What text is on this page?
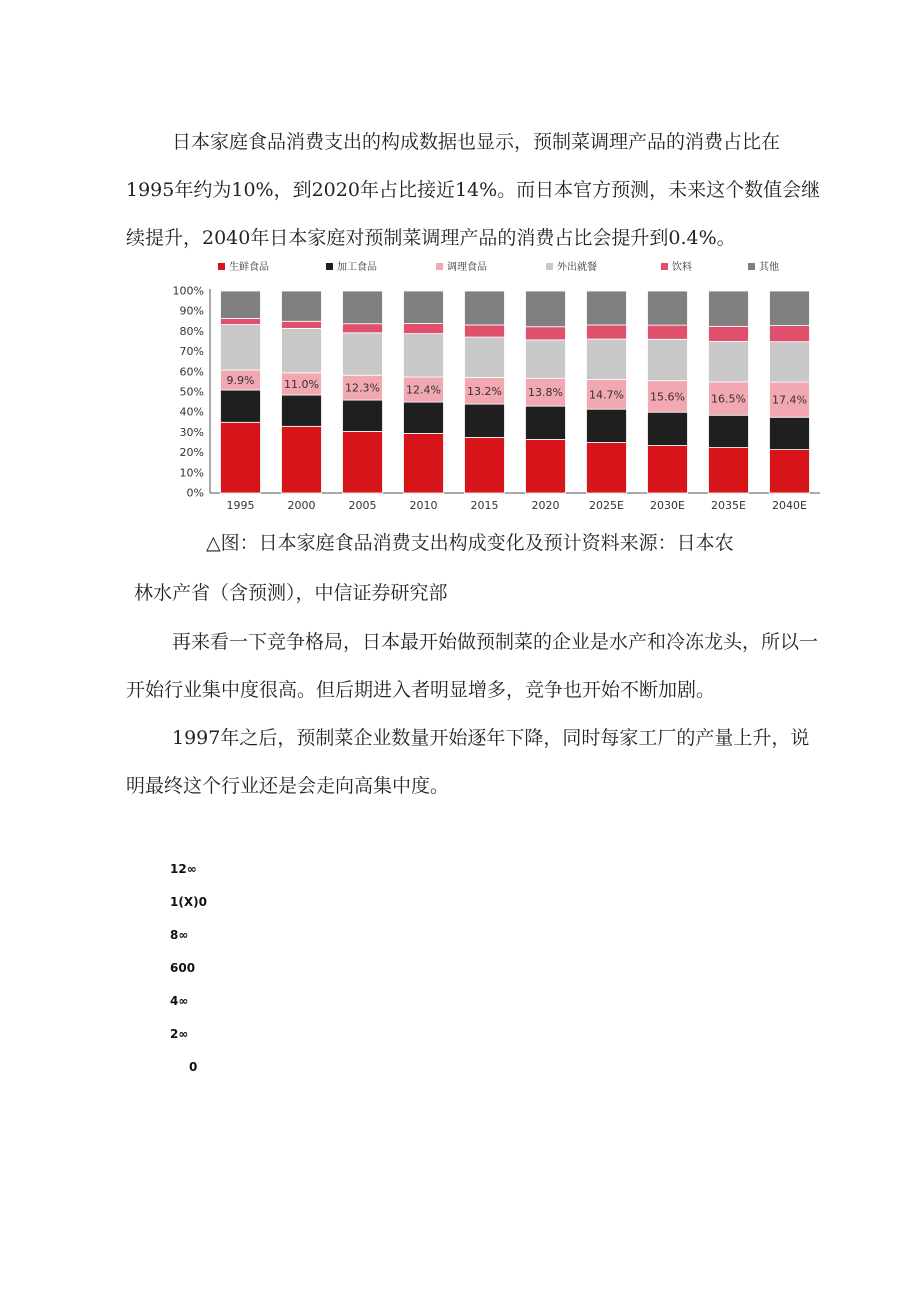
日本家庭食品消费支出的构成数据也显示，预制菜调理产品的消费占比在1995年约为10%，到2020年占比接近14%。而日本官方预测，未来这个数值会继续提升，2040年日本家庭对预制菜调理产品的消费占比会提升到0.4%。

生鲜食品	加工食品	调理食品	外出就餐	饮料	其他
0%
10%
20%
30%
40%
50%
60%
70%
80%
90%
100%
9.9%
1995
11.0%
2000
12.3%
2005
12.4%
2010
13.2%
2015
13.8%
2020
14.7%
2025E
15.6%
2030E
16.5%
2035E
17.4%
2040E

△图：日本家庭食品消费支出构成变化及预计资料来源：日本农

林水产省（含预测），中信证券研究部

再来看一下竞争格局，日本最开始做预制菜的企业是水产和冷冻龙头，所以一开始行业集中度很高。但后期进入者明显增多，竞争也开始不断加剧。

1997年之后，预制菜企业数量开始逐年下降，同时每家工厂的产量上升，说明最终这个行业还是会走向高集中度。

12∞
1(X)0
8∞
600
4∞
2∞
0
